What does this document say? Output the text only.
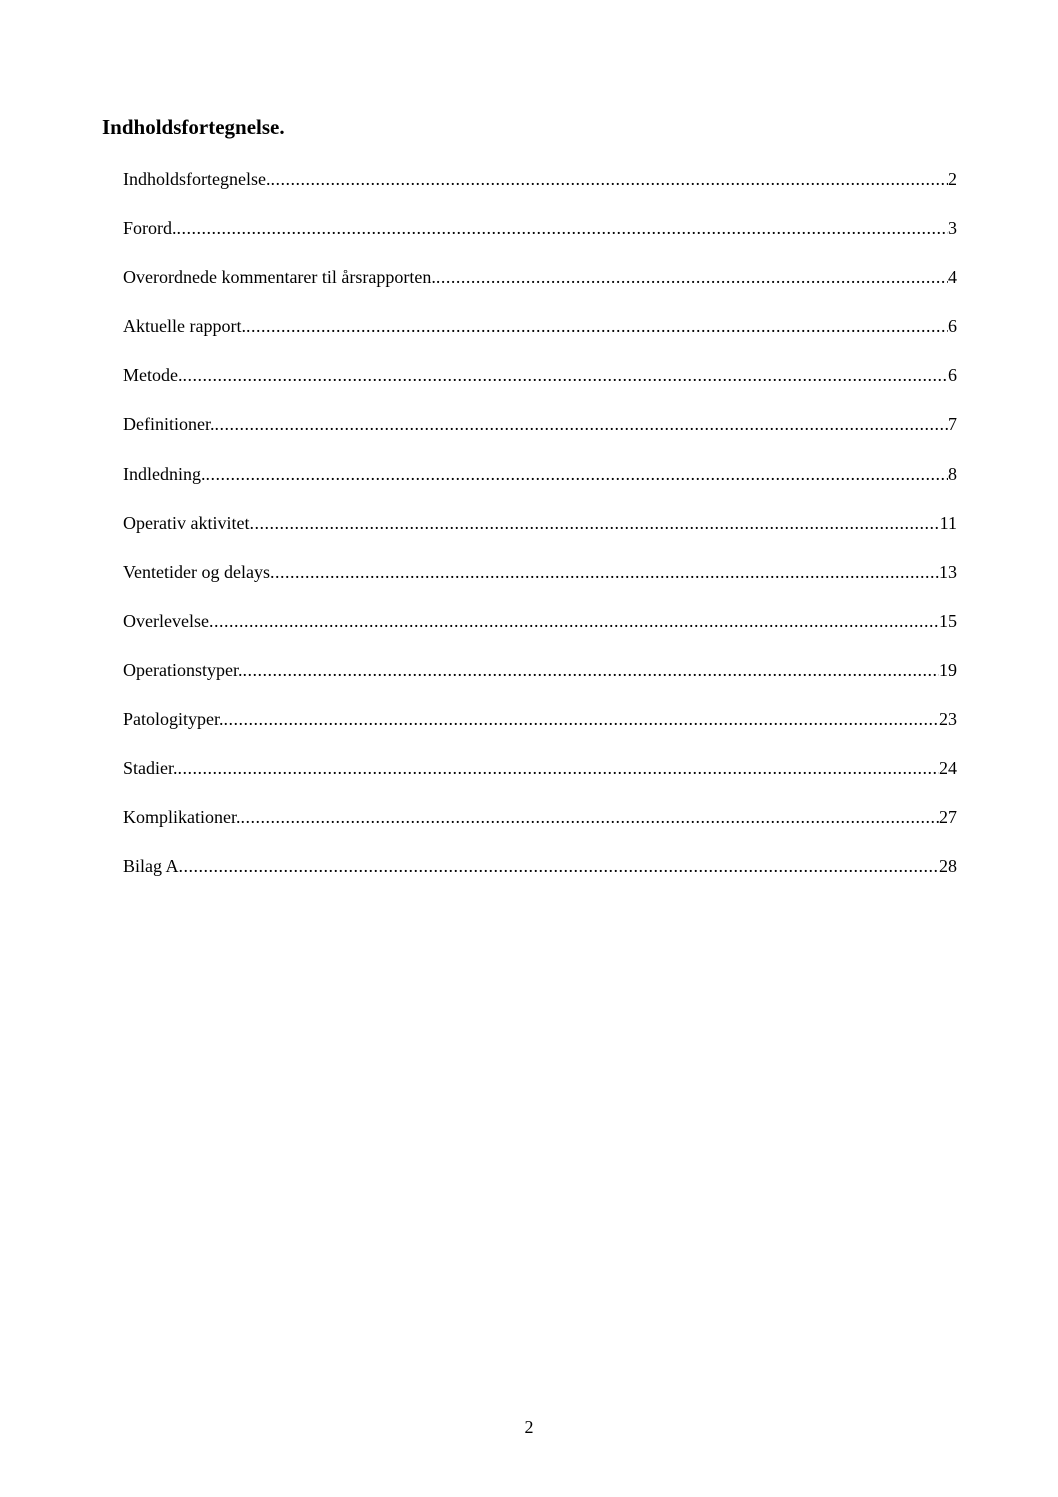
Indholdsfortegnelse.
Indholdsfortegnelse. .....	2
Forord. .....	3
Overordnede kommentarer til årsrapporten. .....	4
Aktuelle rapport. .....	6
Metode. .....	6
Definitioner. .....	7
Indledning. .....	8
Operativ aktivitet .....	11
Ventetider og delays .....	13
Overlevelse .....	15
Operationstyper. .....	19
Patologityper. .....	23
Stadier. .....	24
Komplikationer. .....	27
Bilag A .....	28
2
